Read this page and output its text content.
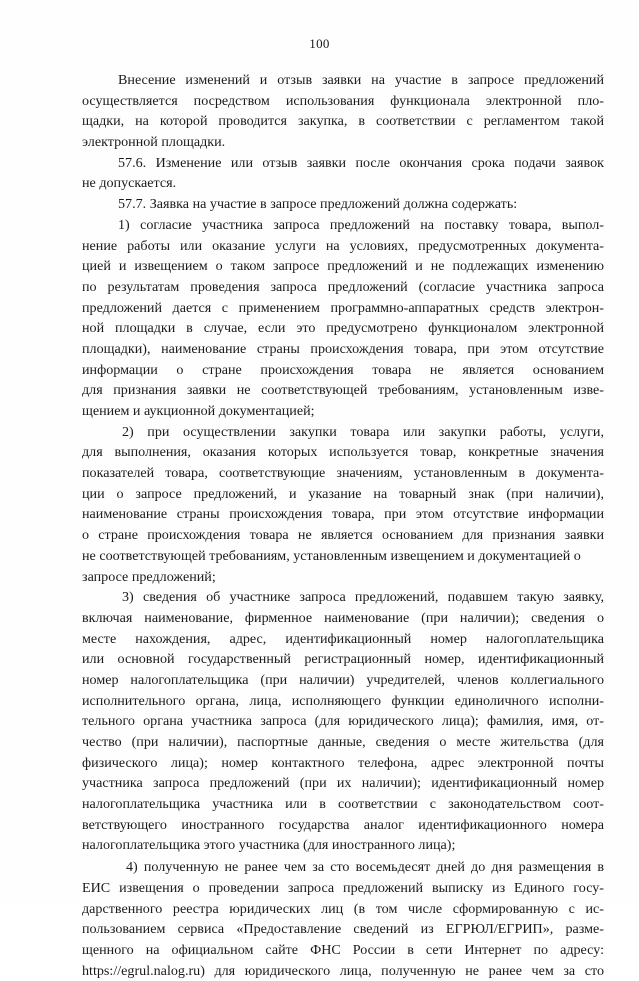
100
Внесение изменений и отзыв заявки на участие в запросе предложений
осуществляется посредством использования функционала электронной пло-
щадки, на которой проводится закупка, в соответствии с регламентом такой
электронной площадки.
57.6. Изменение или отзыв заявки после окончания срока подачи заявок
не допускается.
57.7. Заявка на участие в запросе предложений должна содержать:
1) согласие участника запроса предложений на поставку товара, выпол-
нение работы или оказание услуги на условиях, предусмотренных документа-
цией и извещением о таком запросе предложений и не подлежащих изменению
по результатам проведения запроса предложений (согласие участника запроса
предложений дается с применением программно-аппаратных средств электрон-
ной площадки в случае, если это предусмотрено функционалом электронной
площадки), наименование страны происхождения товара, при этом отсутствие
информации о стране происхождения товара не является основанием
для признания заявки не соответствующей требованиям, установленным изве-
щением и аукционной документацией;
2) при осуществлении закупки товара или закупки работы, услуги,
для выполнения, оказания которых используется товар, конкретные значения
показателей товара, соответствующие значениям, установленным в документа-
ции о запросе предложений, и указание на товарный знак (при наличии),
наименование страны происхождения товара, при этом отсутствие информации
о стране происхождения товара не является основанием для признания заявки
не соответствующей требованиям, установленным извещением и документацией о запросе предложений;
3) сведения об участнике запроса предложений, подавшем такую заявку,
включая наименование, фирменное наименование (при наличии); сведения о
месте нахождения, адрес, идентификационный номер налогоплательщика
или основной государственный регистрационный номер, идентификационный
номер налогоплательщика (при наличии) учредителей, членов коллегиального
исполнительного органа, лица, исполняющего функции единоличного исполни-
тельного органа участника запроса (для юридического лица); фамилия, имя, от-
чество (при наличии), паспортные данные, сведения о месте жительства (для
физического лица); номер контактного телефона, адрес электронной почты
участника запроса предложений (при их наличии); идентификационный номер
налогоплательщика участника или в соответствии с законодательством соот-
ветствующего иностранного государства аналог идентификационного номера
налогоплательщика этого участника (для иностранного лица);
4) полученную не ранее чем за сто восемьдесят дней до дня размещения в
ЕИС извещения о проведении запроса предложений выписку из Единого госу-
дарственного реестра юридических лиц (в том числе сформированную с ис-
пользованием сервиса «Предоставление сведений из ЕГРЮЛ/ЕГРИП», разме-
щенного на официальном сайте ФНС России в сети Интернет по адресу:
https://egrul.nalog.ru) для юридического лица, полученную не ранее чем за сто
